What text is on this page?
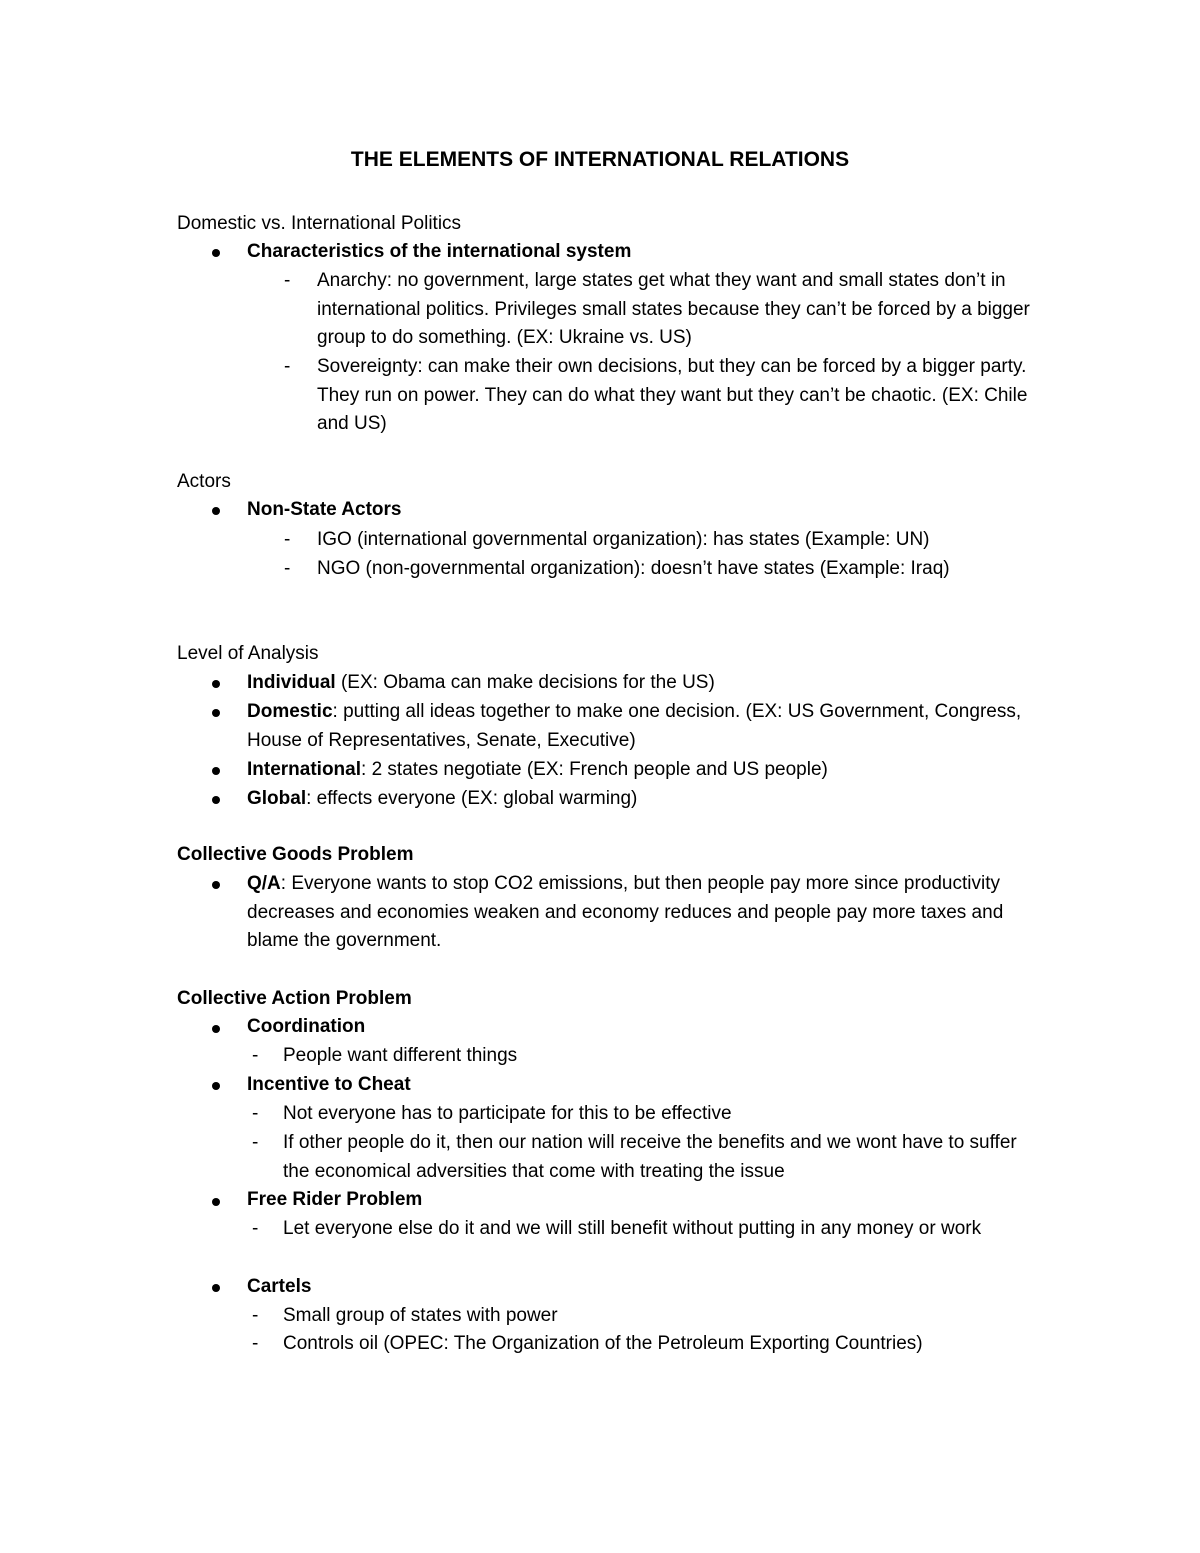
THE ELEMENTS OF INTERNATIONAL RELATIONS
Domestic vs. International Politics
Characteristics of the international system
- Anarchy: no government, large states get what they want and small states don’t in international politics. Privileges small states because they can’t be forced by a bigger group to do something. (EX: Ukraine vs. US)
- Sovereignty: can make their own decisions, but they can be forced by a bigger party. They run on power. They can do what they want but they can’t be chaotic. (EX: Chile and US)
Actors
Non-State Actors
- IGO (international governmental organization): has states (Example: UN)
- NGO (non-governmental organization): doesn’t have states (Example: Iraq)
Level of Analysis
Individual (EX: Obama can make decisions for the US)
Domestic: putting all ideas together to make one decision. (EX: US Government, Congress, House of Representatives, Senate, Executive)
International: 2 states negotiate (EX: French people and US people)
Global: effects everyone (EX: global warming)
Collective Goods Problem
Q/A: Everyone wants to stop CO2 emissions, but then people pay more since productivity decreases and economies weaken and economy reduces and people pay more taxes and blame the government.
Collective Action Problem
Coordination
- People want different things
Incentive to Cheat
- Not everyone has to participate for this to be effective
- If other people do it, then our nation will receive the benefits and we wont have to suffer the economical adversities that come with treating the issue
Free Rider Problem
- Let everyone else do it and we will still benefit without putting in any money or work
Cartels
- Small group of states with power
- Controls oil (OPEC: The Organization of the Petroleum Exporting Countries)
